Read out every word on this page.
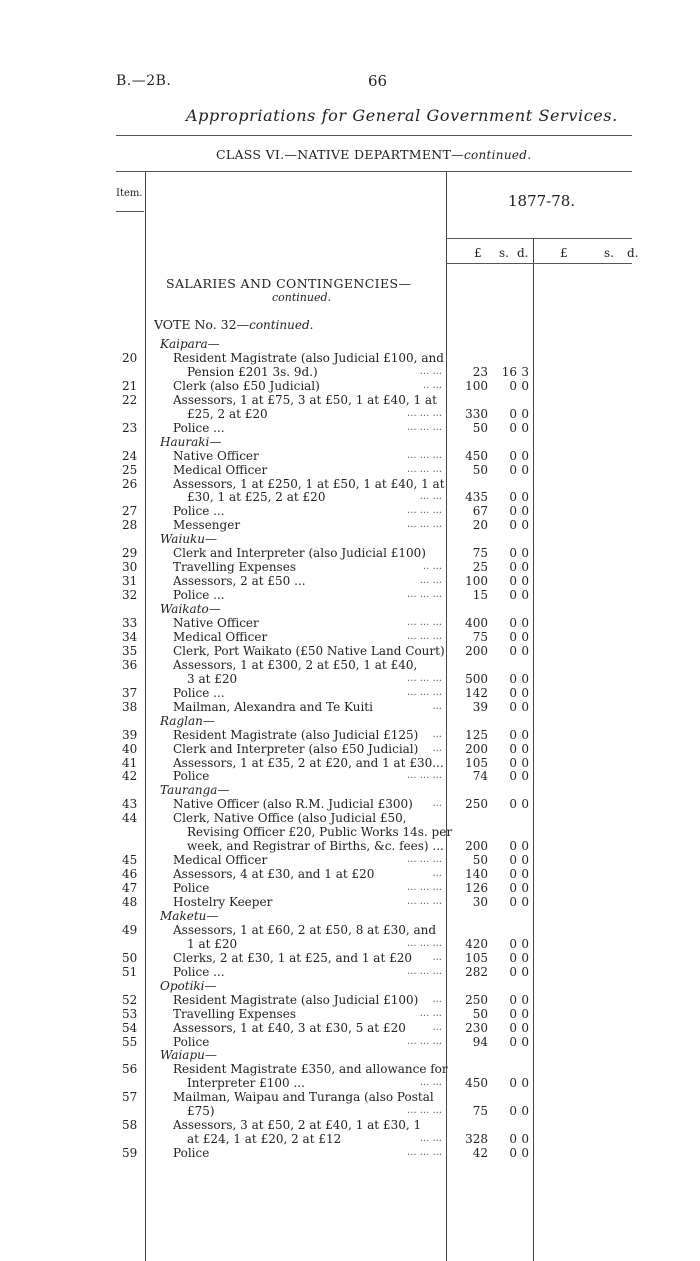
B.—2B.	66
Appropriations for General Government Services.
CLASS VI.—NATIVE DEPARTMENT—continued.
Item.	1877-78.
£ s. d.	£	s. d.
SALARIES AND CONTINGENCIES—
continued.
VOTE No. 32—continued.
Kaipara—
20	Resident Magistrate (also Judicial £100, and
Pension £201 3s. 9d.)	... ...	23 16 3
21	Clerk (also £50 Judicial)	.. ... 100 0 0
22	Assessors, 1 at £75, 3 at £50, 1 at £40, 1 at
£25, 2 at £20	... ... ... 330 0 0
23	Police ...	... ... ...	50 0 0
Hauraki—
24	Native Officer	... ... ... 450 0 0
25	Medical Officer	... ... ...	50 0 0
26	Assessors, 1 at £250, 1 at £50, 1 at £40, 1 at
£30, 1 at £25, 2 at £20	... ... 435 0 0
27	Police ...	... ... ...	67 0 0
28	Messenger	... ... ...	20 0 0
Waiuku—
29	Clerk and Interpreter (also Judicial £100)	75 0 0
30	Travelling Expenses	.. ...	25 0 0
31	Assessors, 2 at £50 ...	... ... 100 0 0
32	Police ...	... ... ...	15 0 0
Waikato—
33	Native Officer	... ... ... 400 0 0
34	Medical Officer	... ... ...	75 0 0
35	Clerk, Port Waikato (£50 Native Land Court) 200 0 0
36	Assessors, 1 at £300, 2 at £50, 1 at £40,
3 at £20	... ... ... 500 0 0
37	Police ...	... ... ... 142 0 0
38	Mailman, Alexandra and Te Kuiti	...	39 0 0
Raglan—
39	Resident Magistrate (also Judicial £125) ... 125 0 0
40	Clerk and Interpreter (also £50 Judicial) ... 200 0 0
41	Assessors, 1 at £35, 2 at £20, and 1 at £30... 105 0 0
42	Police	... ... ...	74 0 0
Tauranga—
43	Native Officer (also R.M. Judicial £300) ... 250 0 0
44	Clerk, Native Office (also Judicial £50,
Revising Officer £20, Public Works 14s. per
week, and Registrar of Births, &c. fees) ... 200 0 0
45	Medical Officer	... ... ...	50 0 0
46	Assessors, 4 at £30, and 1 at £20	... 140 0 0
47	Police	... ... ... 126 0 0
48	Hostelry Keeper	... ... ...	30 0 0
Maketu—
49	Assessors, 1 at £60, 2 at £50, 8 at £30, and
1 at £20	... ... ... 420 0 0
50	Clerks, 2 at £30, 1 at £25, and 1 at £20 ... 105 0 0
51	Police ...	... ... ... 282 0 0
Opotiki—
52	Resident Magistrate (also Judicial £100) ... 250 0 0
53	Travelling Expenses	... ...	50 0 0
54	Assessors, 1 at £40, 3 at £30, 5 at £20	... 230 0 0
55	Police	... ... ...	94 0 0
Waiapu—
56	Resident Magistrate £350, and allowance for
Interpreter £100 ...	... ... 450 0 0
57	Mailman, Waipau and Turanga (also Postal
£75)	... ... ...	75 0 0
58	Assessors, 3 at £50, 2 at £40, 1 at £30, 1
at £24, 1 at £20, 2 at £12	... ... 328 0 0
59	Police	... ... ...	42 0 0
